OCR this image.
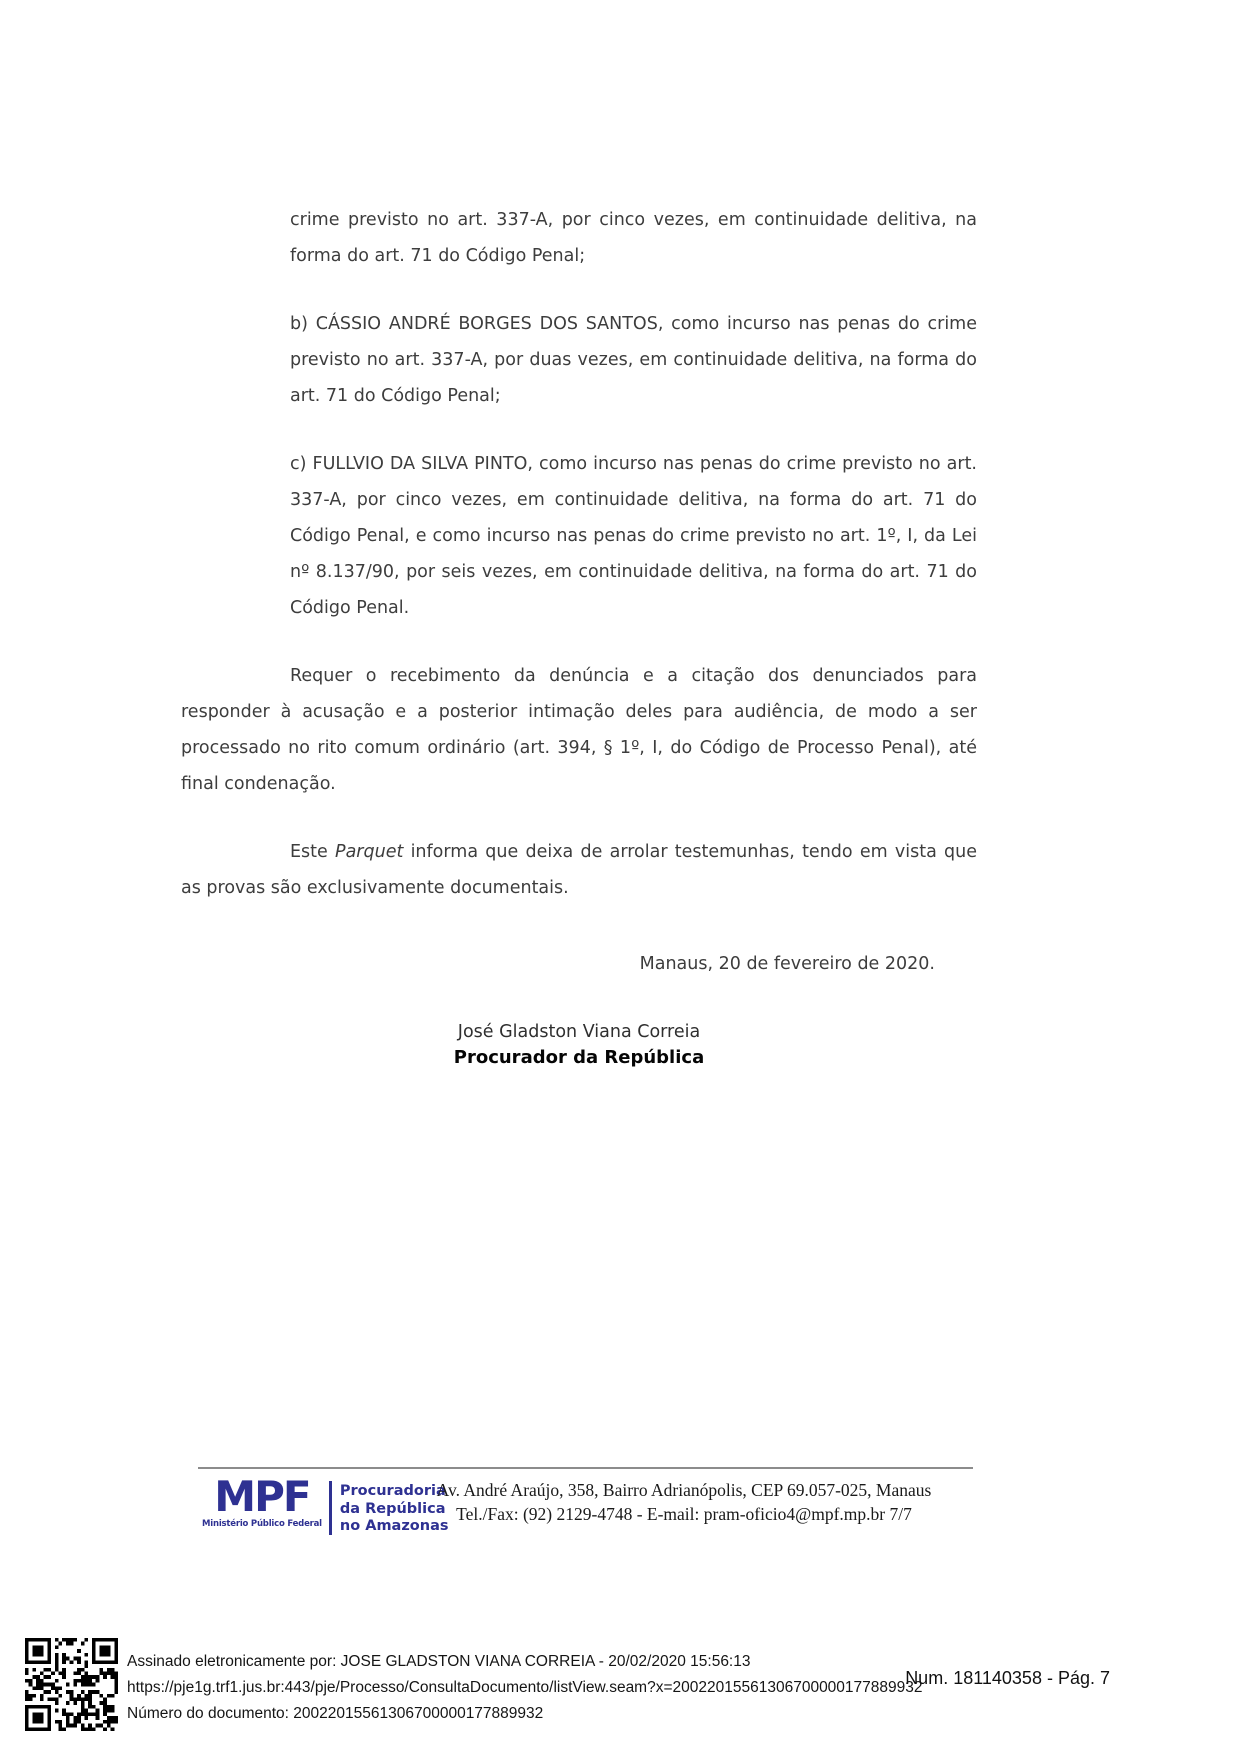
crime previsto no art. 337-A, por cinco vezes, em continuidade delitiva, na forma do art. 71 do Código Penal;

b) CÁSSIO ANDRÉ BORGES DOS SANTOS, como incurso nas penas do crime previsto no art. 337-A, por duas vezes, em continuidade delitiva, na forma do art. 71 do Código Penal;

c) FULLVIO DA SILVA PINTO, como incurso nas penas do crime previsto no art. 337-A, por cinco vezes, em continuidade delitiva, na forma do art. 71 do Código Penal, e como incurso nas penas do crime previsto no art. 1º, I, da Lei nº 8.137/90, por seis vezes, em continuidade delitiva, na forma do art. 71 do Código Penal.

Requer o recebimento da denúncia e a citação dos denunciados para responder à acusação e a posterior intimação deles para audiência, de modo a ser processado no rito comum ordinário (art. 394, § 1º, I, do Código de Processo Penal), até final condenação.

Este Parquet informa que deixa de arrolar testemunhas, tendo em vista que as provas são exclusivamente documentais.

Manaus, 20 de fevereiro de 2020.
José Gladston Viana Correia
Procurador da República
MPF
Ministério Público Federal
Procuradoria
da República
no Amazonas
Av. André Araújo, 358, Bairro Adrianópolis, CEP 69.057-025, Manaus
Tel./Fax: (92) 2129-4748 - E-mail: pram-oficio4@mpf.mp.br 7/7
Assinado eletronicamente por: JOSE GLADSTON VIANA CORREIA - 20/02/2020 15:56:13
https://pje1g.trf1.jus.br:443/pje/Processo/ConsultaDocumento/listView.seam?x=20022015561306700000177889932
Número do documento: 20022015561306700000177889932
Num. 181140358 - Pág. 7
